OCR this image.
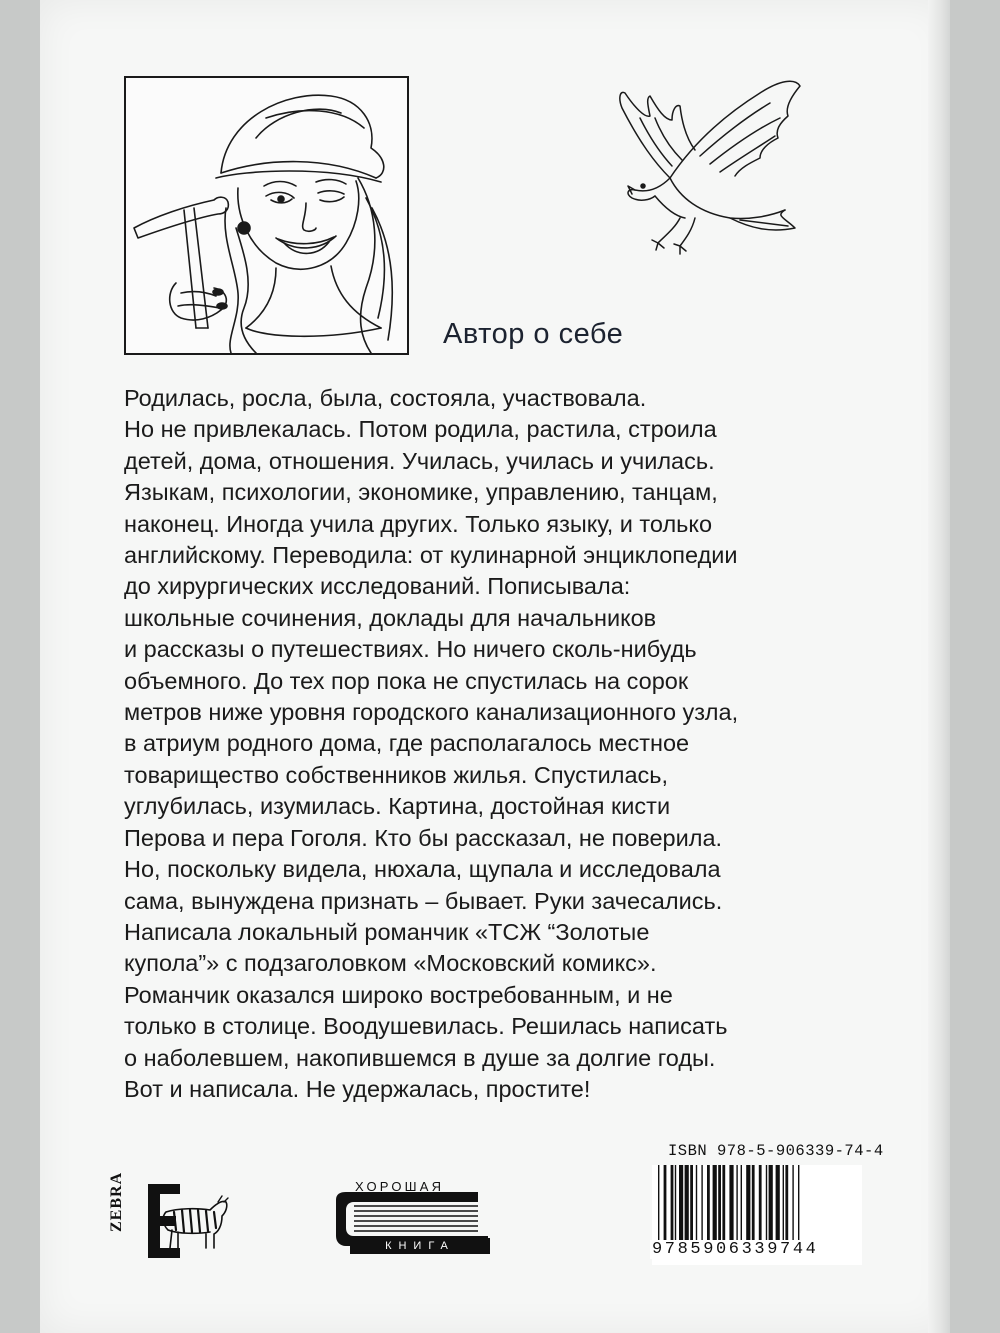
Автор о себе
Родилась, росла, была, состояла, участвовала.
Но не привлекалась. Потом родила, растила, строила
детей, дома, отношения. Училась, училась и училась.
Языкам, психологии, экономике, управлению, танцам,
наконец. Иногда учила других. Только языку, и только
английскому. Переводила: от кулинарной энциклопедии
до хирургических исследований. Пописывала:
школьные сочинения, доклады для начальников
и рассказы о путешествиях. Но ничего сколь-нибудь
объемного. До тех пор пока не спустилась на сорок
метров ниже уровня городского канализационного узла,
в атриум родного дома, где располагалось местное
товарищество собственников жилья. Спустилась,
углубилась, изумилась. Картина, достойная кисти
Перова и пера Гоголя. Кто бы рассказал, не поверила.
Но, поскольку видела, нюхала, щупала и исследовала
сама, вынуждена признать – бывает. Руки зачесались.
Написала локальный романчик «ТСЖ “Золотые
купола”» с подзаголовком «Московский комикс».
Романчик оказался широко востребованным, и не
только в столице. Воодушевилась. Решилась написать
о наболевшем, накопившемся в душе за долгие годы.
Вот и написала. Не удержалась, простите!
ZEBRA	ХОРОШАЯ
КНИГА
ISBN 978-5-906339-74-4
9785906339744
